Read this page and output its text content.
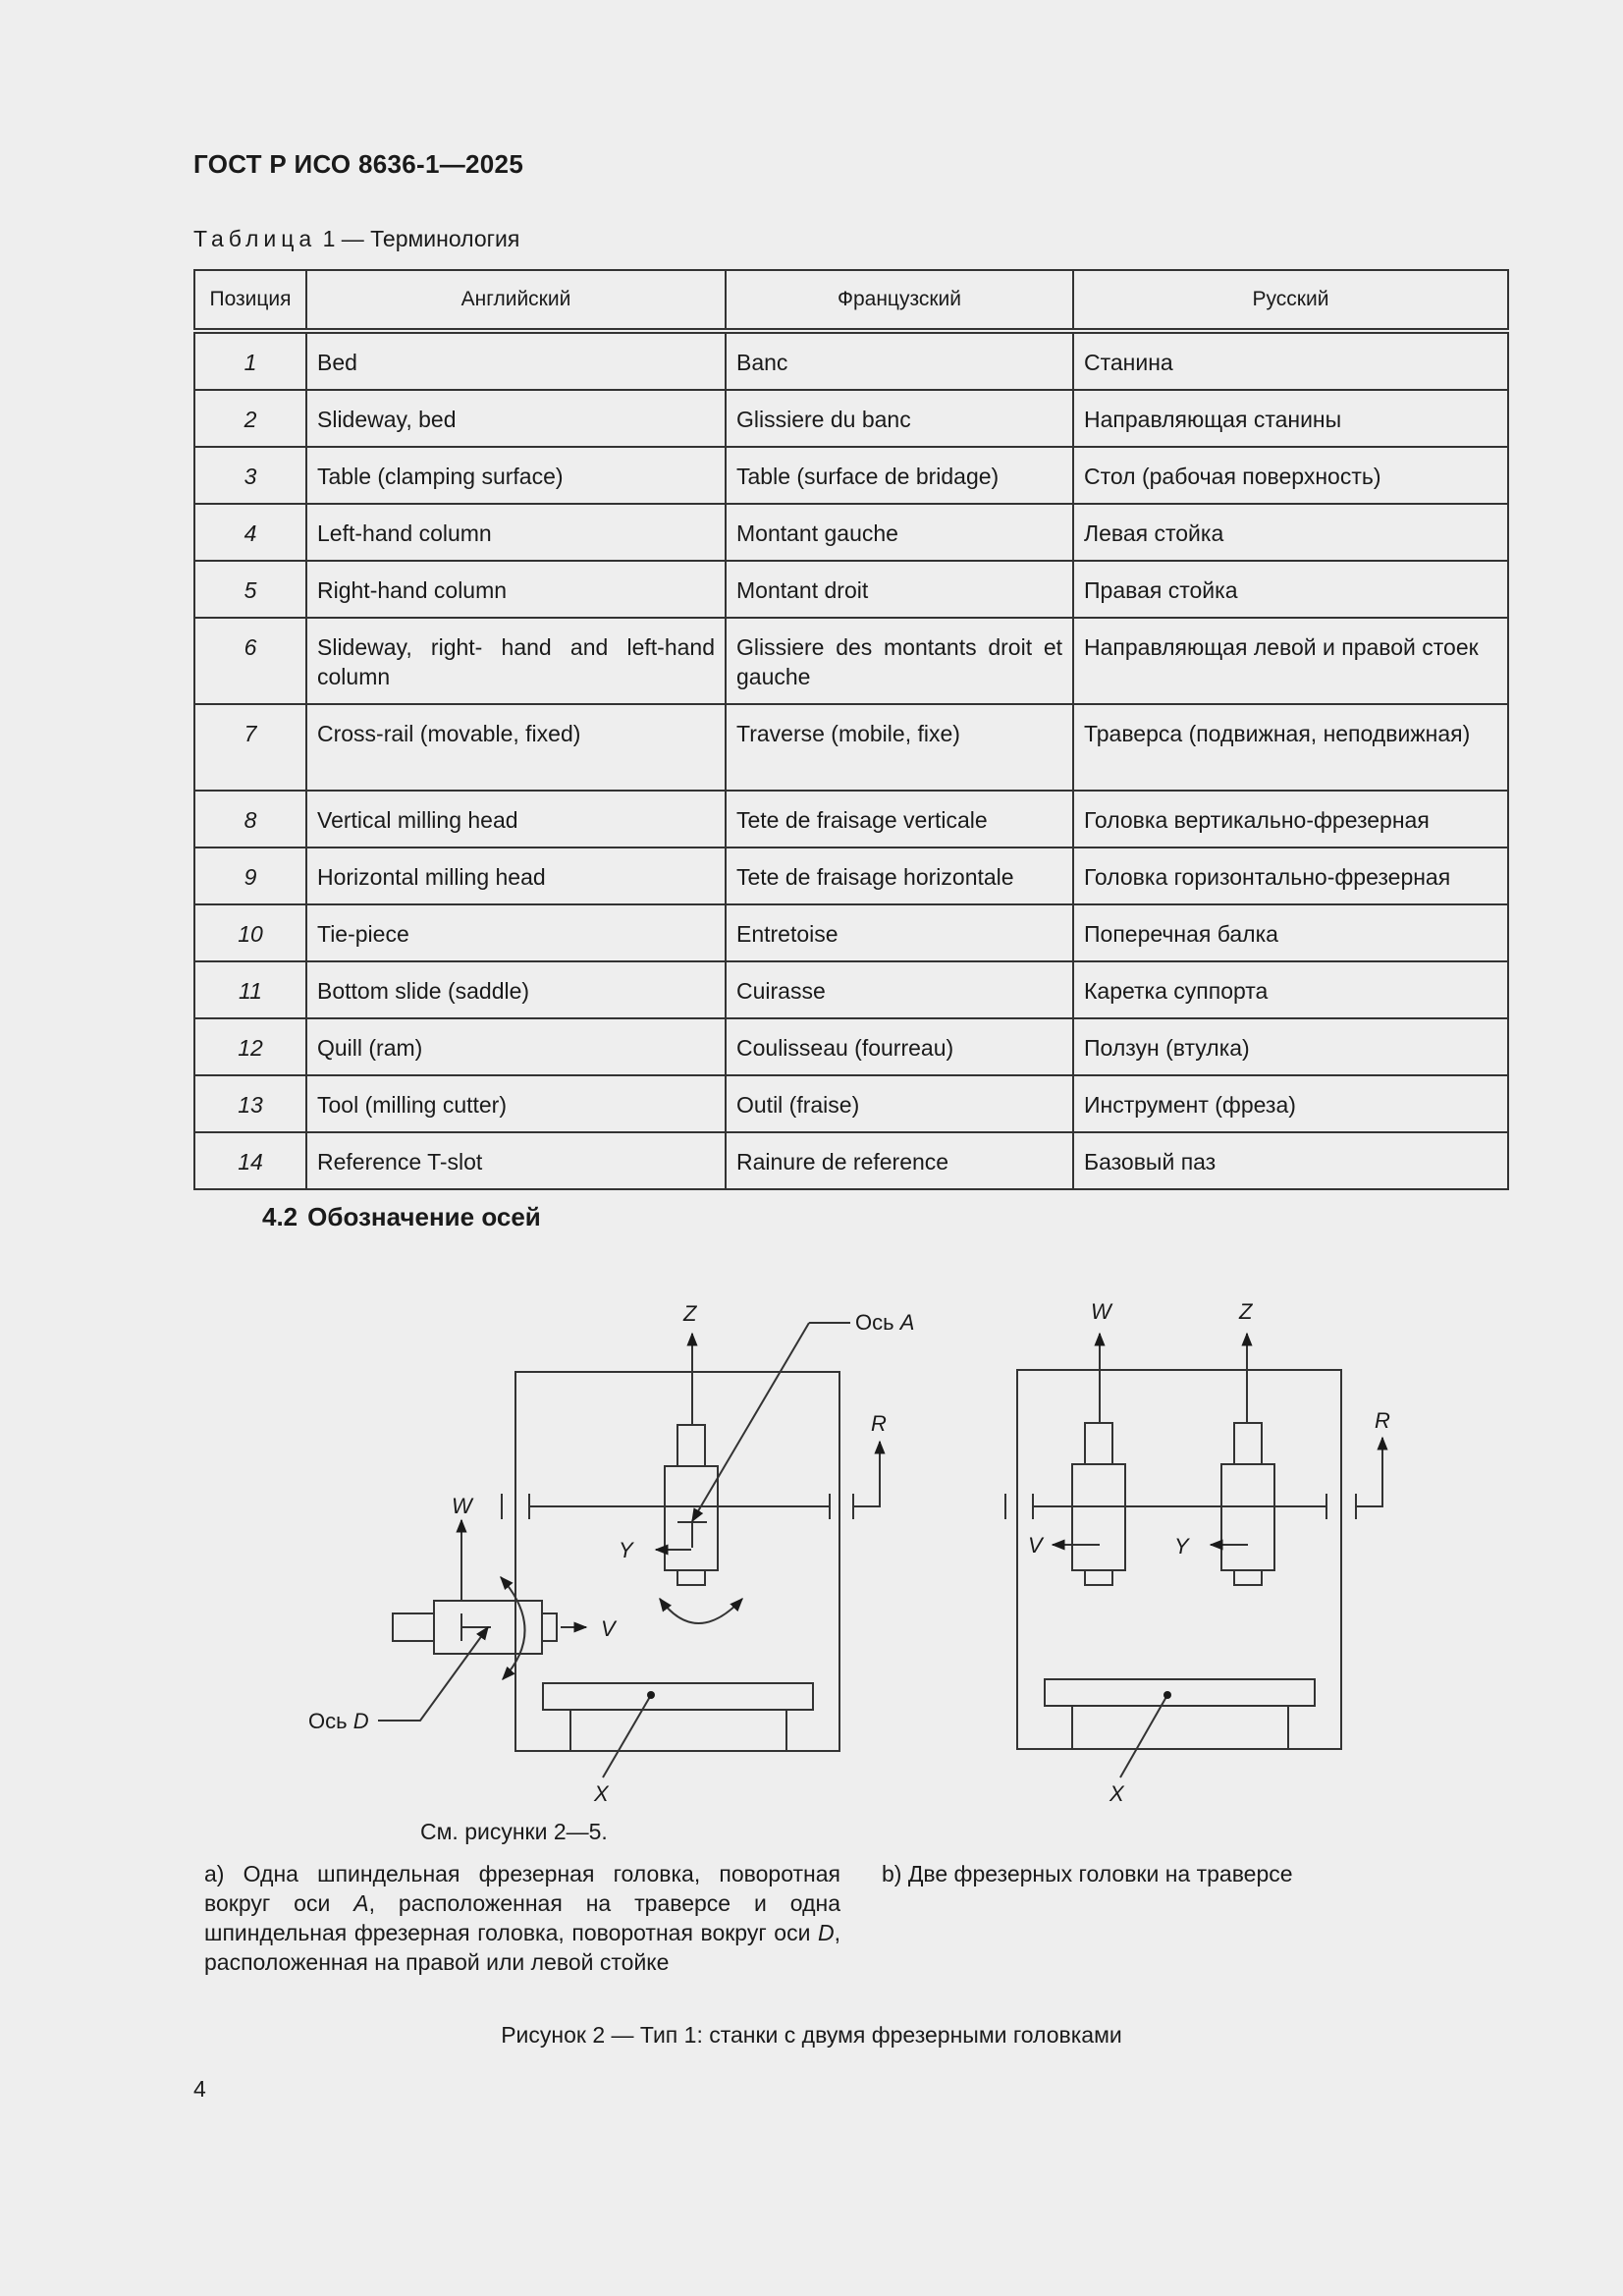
ГОСТ Р ИСО 8636-1—2025
Таблица 1 — Терминология
Позиция	Английский	Французский	Русский
1	Bed	Banc	Станина
2	Slideway, bed	Glissiere du banc	Направляющая станины
3	Table (clamping surface)	Table (surface de bridage)	Стол (рабочая поверхность)
4	Left-hand column	Montant gauche	Левая стойка
5	Right-hand column	Montant droit	Правая стойка
6	Slideway, right- hand and left-hand column	Glissiere des montants droit et gauche	Направляющая левой и правой стоек
7	Cross-rail (movable, fixed)	Traverse (mobile, fixe)	Траверса (подвижная, неподвижная)
8	Vertical milling head	Tete de fraisage verticale	Головка вертикально-фрезерная
9	Horizontal milling head	Tete de fraisage horizontale	Головка горизонтально-фрезерная
10	Tie-piece	Entretoise	Поперечная балка
11	Bottom slide (saddle)	Cuirasse	Каретка суппорта
12	Quill (ram)	Coulisseau (fourreau)	Ползун (втулка)
13	Tool (milling cutter)	Outil (fraise)	Инструмент (фреза)
14	Reference T-slot	Rainure de reference	Базовый паз
4.2 Обозначение осей
Z	Ось A
R
W
Y
V
Ось D
X
W	Z
R
V	Y
X
См. рисунки 2—5.
a) Одна шпиндельная фрезерная головка, поворотная вокруг оси A, расположенная на траверсе и одна шпиндельная фрезерная головка, поворотная вокруг оси D, расположенная на правой или левой стойке
b) Две фрезерных головки на траверсе
Рисунок 2 — Тип 1: станки с двумя фрезерными головками
4
